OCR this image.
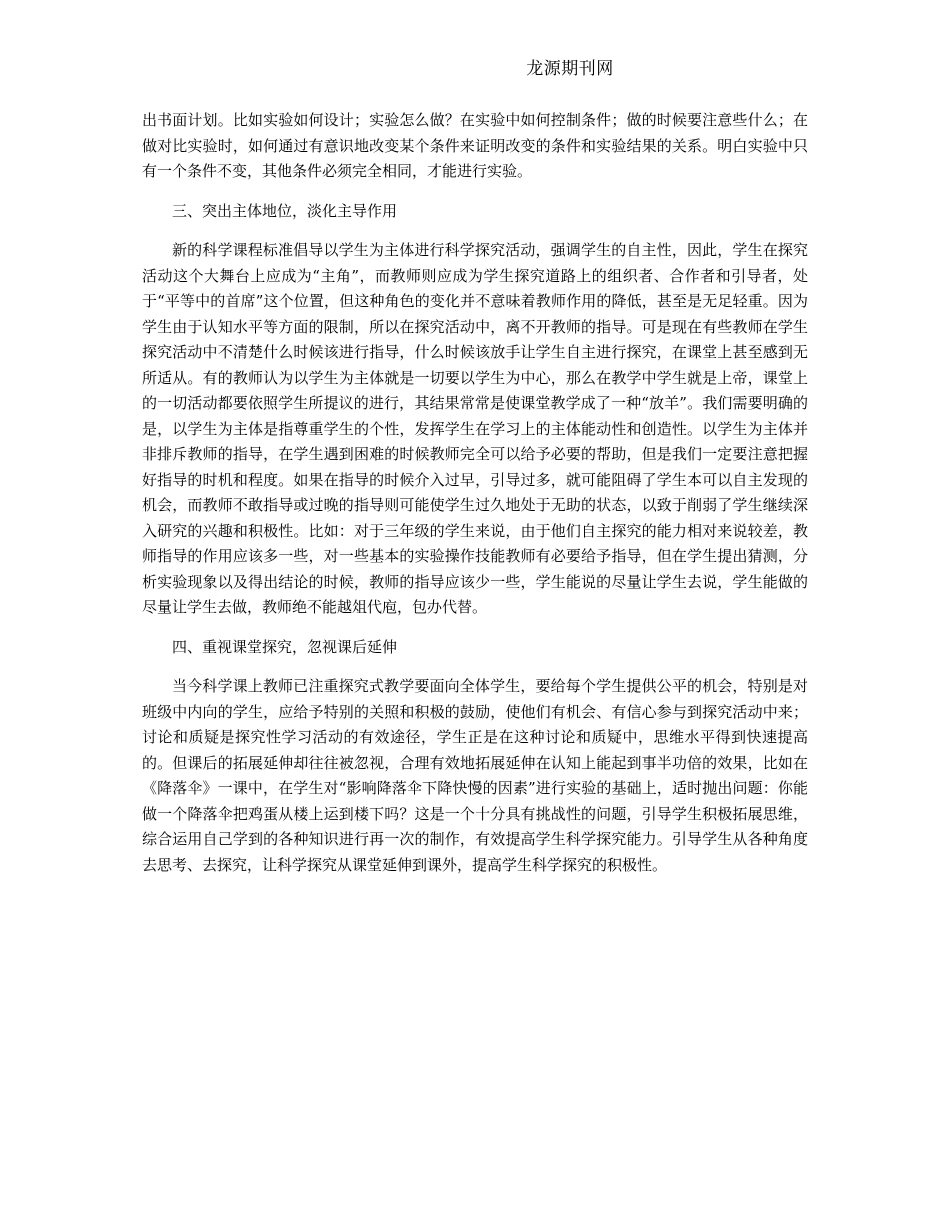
龙源期刊网

出书面计划。比如实验如何设计；实验怎么做？在实验中如何控制条件；做的时候要注意些什么；在做对比实验时，如何通过有意识地改变某个条件来证明改变的条件和实验结果的关系。明白实验中只有一个条件不变，其他条件必须完全相同，才能进行实验。

三、突出主体地位，淡化主导作用

新的科学课程标准倡导以学生为主体进行科学探究活动，强调学生的自主性，因此，学生在探究活动这个大舞台上应成为“主角”，而教师则应成为学生探究道路上的组织者、合作者和引导者，处于“平等中的首席”这个位置，但这种角色的变化并不意味着教师作用的降低，甚至是无足轻重。因为学生由于认知水平等方面的限制，所以在探究活动中，离不开教师的指导。可是现在有些教师在学生探究活动中不清楚什么时候该进行指导，什么时候该放手让学生自主进行探究，在课堂上甚至感到无所适从。有的教师认为以学生为主体就是一切要以学生为中心，那么在教学中学生就是上帝，课堂上的一切活动都要依照学生所提议的进行，其结果常常是使课堂教学成了一种“放羊”。我们需要明确的是，以学生为主体是指尊重学生的个性，发挥学生在学习上的主体能动性和创造性。以学生为主体并非排斥教师的指导，在学生遇到困难的时候教师完全可以给予必要的帮助，但是我们一定要注意把握好指导的时机和程度。如果在指导的时候介入过早，引导过多，就可能阻碍了学生本可以自主发现的机会，而教师不敢指导或过晚的指导则可能使学生过久地处于无助的状态，以致于削弱了学生继续深入研究的兴趣和积极性。比如：对于三年级的学生来说，由于他们自主探究的能力相对来说较差，教师指导的作用应该多一些，对一些基本的实验操作技能教师有必要给予指导，但在学生提出猜测，分析实验现象以及得出结论的时候，教师的指导应该少一些，学生能说的尽量让学生去说，学生能做的尽量让学生去做，教师绝不能越俎代庖，包办代替。

四、重视课堂探究，忽视课后延伸

当今科学课上教师已注重探究式教学要面向全体学生，要给每个学生提供公平的机会，特别是对班级中内向的学生，应给予特别的关照和积极的鼓励，使他们有机会、有信心参与到探究活动中来；讨论和质疑是探究性学习活动的有效途径，学生正是在这种讨论和质疑中，思维水平得到快速提高的。但课后的拓展延伸却往往被忽视，合理有效地拓展延伸在认知上能起到事半功倍的效果，比如在《降落伞》一课中，在学生对“影响降落伞下降快慢的因素”进行实验的基础上，适时抛出问题：你能做一个降落伞把鸡蛋从楼上运到楼下吗？这是一个十分具有挑战性的问题，引导学生积极拓展思维，综合运用自己学到的各种知识进行再一次的制作，有效提高学生科学探究能力。引导学生从各种角度去思考、去探究，让科学探究从课堂延伸到课外，提高学生科学探究的积极性。
